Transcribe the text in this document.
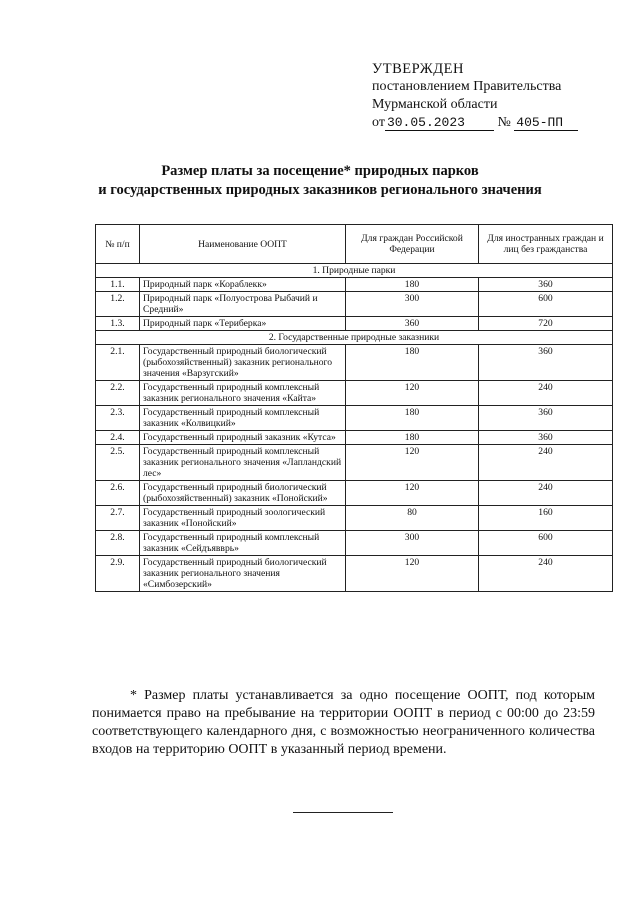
УТВЕРЖДЕН
постановлением Правительства
Мурманской области
от 30.05.2023 № 405-ПП
Размер платы за посещение* природных парков
и государственных природных заказников регионального значения
№ п/п	Наименование ООПТ	Для граждан Российской Федерации	Для иностранных граждан и лиц без гражданства
1. Природные парки			
1.1.	Природный парк «Кораблекк»	180	360
1.2.	Природный парк «Полуострова Рыбачий и Средний»	300	600
1.3.	Природный парк «Териберка»	360	720
2. Государственные природные заказники			
2.1.	Государственный природный биологический (рыбохозяйственный) заказник регионального значения «Варзугский»	180	360
2.2.	Государственный природный комплексный заказник регионального значения «Кайта»	120	240
2.3.	Государственный природный комплексный заказник «Колвицкий»	180	360
2.4.	Государственный природный заказник «Кутса»	180	360
2.5.	Государственный природный комплексный заказник регионального значения «Лапландский лес»	120	240
2.6.	Государственный природный биологический (рыбохозяйственный) заказник «Понойский»	120	240
2.7.	Государственный природный зоологический заказник «Понойский»	80	160
2.8.	Государственный природный комплексный заказник «Сейдъявврь»	300	600
2.9.	Государственный природный биологический заказник регионального значения «Симбозерский»	120	240

* Размер платы устанавливается за одно посещение ООПТ, под которым понимается право на пребывание на территории ООПТ в период с 00:00 до 23:59 соответствующего календарного дня, с возможностью неограниченного количества входов на территорию ООПТ в указанный период времени.
